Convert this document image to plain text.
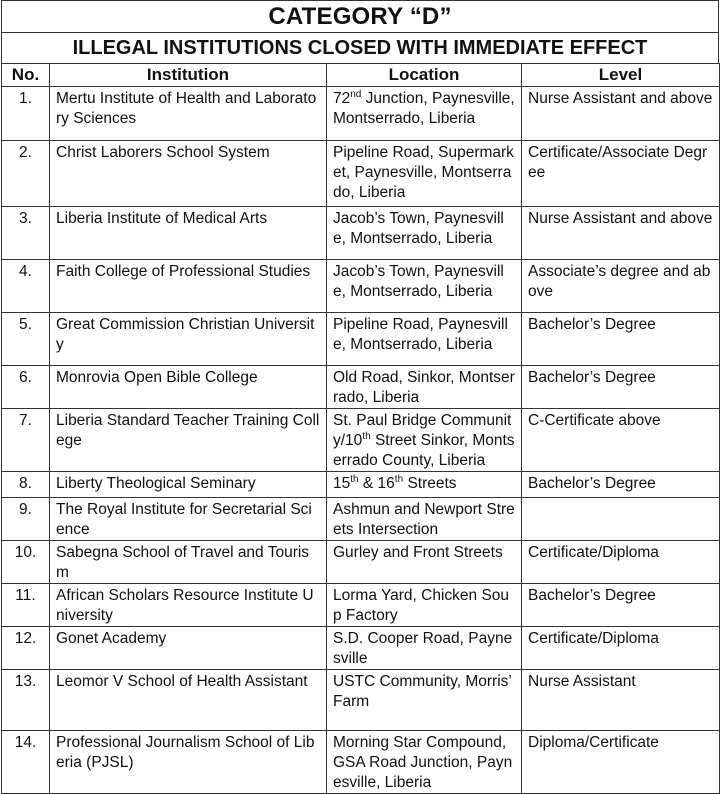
CATEGORY “D”
ILLEGAL INSTITUTIONS CLOSED WITH IMMEDIATE EFFECT
No.	Institution	Location	Level
1.	Mertu Institute of Health and Laboratory Sciences	72nd Junction, Paynesville, Montserrado, Liberia	Nurse Assistant and above
2.	Christ Laborers School System	Pipeline Road, Supermarket, Paynesville, Montserrado, Liberia	Certificate/Associate Degree
3.	Liberia Institute of Medical Arts	Jacob’s Town, Paynesville, Montserrado, Liberia	Nurse Assistant and above
4.	Faith College of Professional Studies	Jacob’s Town, Paynesville, Montserrado, Liberia	Associate’s degree and above
5.	Great Commission Christian University	Pipeline Road, Paynesville, Montserrado, Liberia	Bachelor’s Degree
6.	Monrovia Open Bible College	Old Road, Sinkor, Montserrado, Liberia	Bachelor’s Degree
7.	Liberia Standard Teacher Training College	St. Paul Bridge Community/10th Street Sinkor, Montserrado County, Liberia	C-Certificate above
8.	Liberty Theological Seminary	15th & 16th Streets	Bachelor’s Degree
9.	The Royal Institute for Secretarial Science	Ashmun and Newport Streets Intersection	
10.	Sabegna School of Travel and Tourism	Gurley and Front Streets	Certificate/Diploma
11.	African Scholars Resource Institute University	Lorma Yard, Chicken Soup Factory	Bachelor’s Degree
12.	Gonet Academy	S.D. Cooper Road, Paynesville	Certificate/Diploma
13.	Leomor V School of Health Assistant	USTC Community, Morris’ Farm	Nurse Assistant
14.	Professional Journalism School of Liberia (PJSL)	Morning Star Compound, GSA Road Junction, Paynesville, Liberia	Diploma/Certificate
